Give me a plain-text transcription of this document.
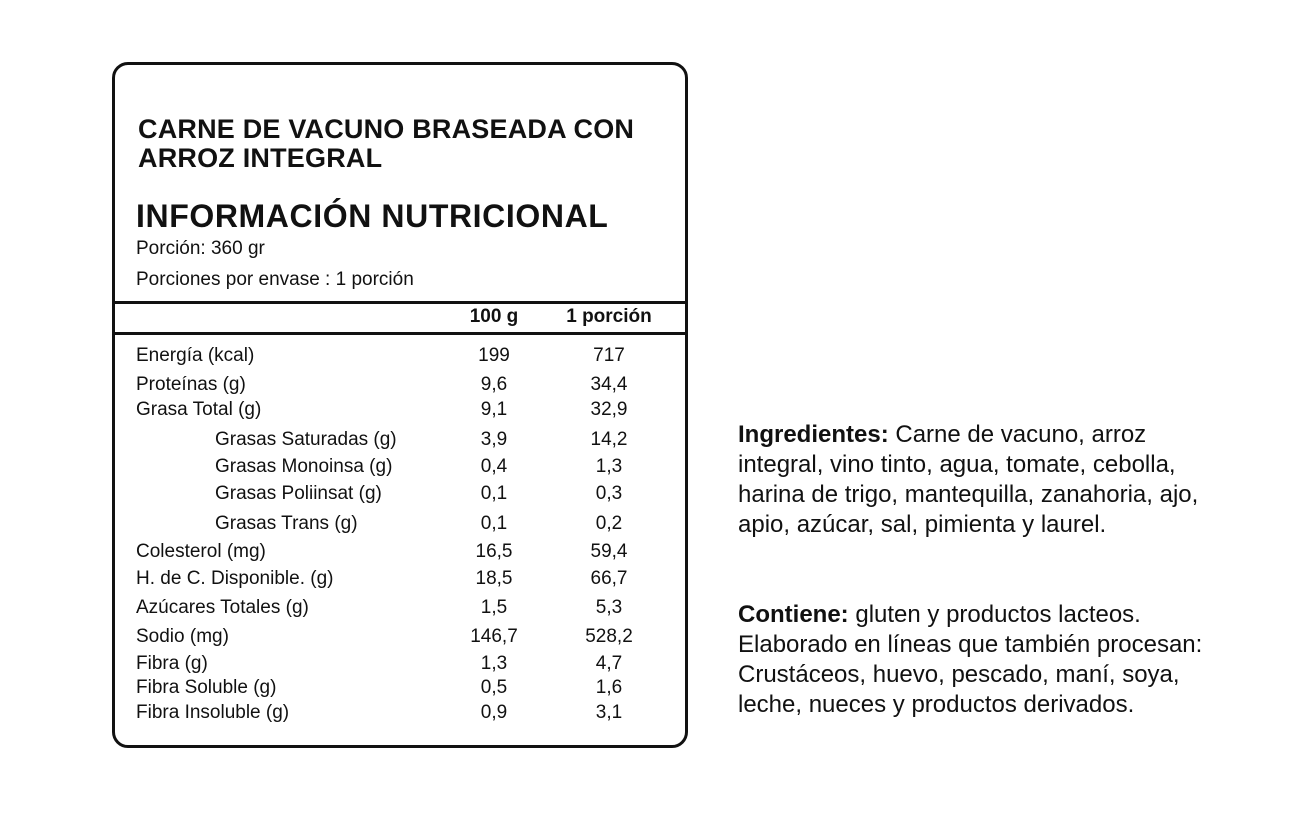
CARNE DE VACUNO BRASEADA CON ARROZ INTEGRAL
INFORMACIÓN NUTRICIONAL
Porción: 360 gr
Porciones por envase : 1 porción
100 g	1 porción
Energía (kcal)	199	717
Proteínas (g)	9,6	34,4
Grasa Total (g)	9,1	32,9
Grasas Saturadas (g)	3,9	14,2
Grasas Monoinsa (g)	0,4	1,3
Grasas Poliinsat (g)	0,1	0,3
Grasas Trans (g)	0,1	0,2
Colesterol (mg)	16,5	59,4
H. de C. Disponible. (g)	18,5	66,7
Azúcares Totales (g)	1,5	5,3
Sodio (mg)	146,7	528,2
Fibra (g)	1,3	4,7
Fibra Soluble (g)	0,5	1,6
Fibra Insoluble (g)	0,9	3,1
Ingredientes: Carne de vacuno, arroz integral, vino tinto, agua, tomate, cebolla, harina de trigo, mantequilla, zanahoria, ajo, apio, azúcar, sal, pimienta y laurel.
Contiene: gluten y productos lacteos. Elaborado en líneas que también procesan: Crustáceos, huevo, pescado, maní, soya, leche, nueces y productos derivados.
